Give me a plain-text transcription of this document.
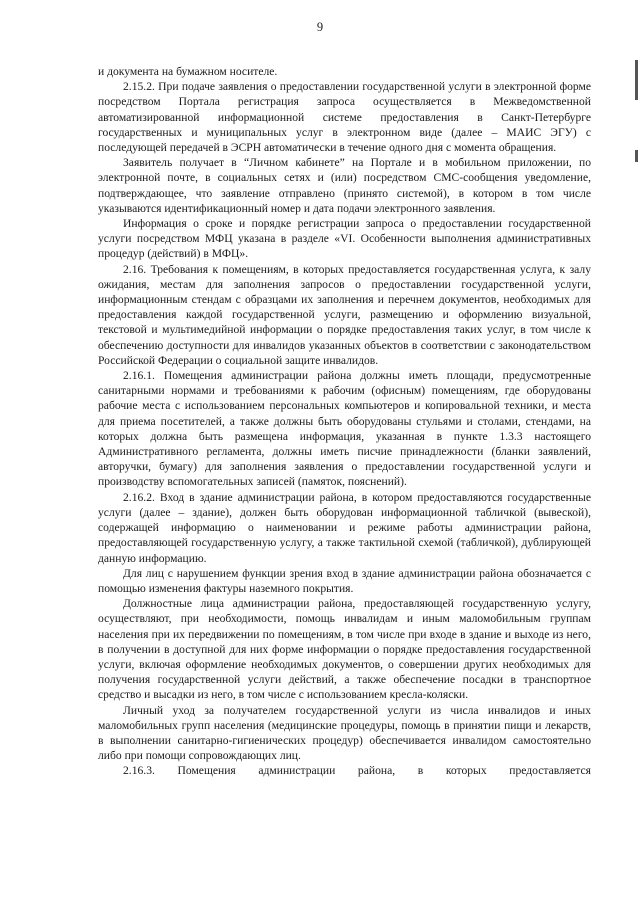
9

и документа на бумажном носителе.

2.15.2. При подаче заявления о предоставлении государственной услуги в электронной форме посредством Портала регистрация запроса осуществляется в Межведомственной автоматизированной информационной системе предоставления в Санкт-Петербурге государственных и муниципальных услуг в электронном виде (далее – МАИС ЭГУ) с последующей передачей в ЭСРН автоматически в течение одного дня с момента обращения.

Заявитель получает в “Личном кабинете” на Портале и в мобильном приложении, по электронной почте, в социальных сетях и (или) посредством СМС-сообщения уведомление, подтверждающее, что заявление отправлено (принято системой), в котором в том числе указываются идентификационный номер и дата подачи электронного заявления.

Информация о сроке и порядке регистрации запроса о предоставлении государственной услуги посредством МФЦ указана в разделе «VI. Особенности выполнения административных процедур (действий) в МФЦ».

2.16. Требования к помещениям, в которых предоставляется государственная услуга, к залу ожидания, местам для заполнения запросов о предоставлении государственной услуги, информационным стендам с образцами их заполнения и перечнем документов, необходимых для предоставления каждой государственной услуги, размещению и оформлению визуальной, текстовой и мультимедийной информации о порядке предоставления таких услуг, в том числе к обеспечению доступности для инвалидов указанных объектов в соответствии с законодательством Российской Федерации о социальной защите инвалидов.

2.16.1. Помещения администрации района должны иметь площади, предусмотренные санитарными нормами и требованиями к рабочим (офисным) помещениям, где оборудованы рабочие места с использованием персональных компьютеров и копировальной техники, и места для приема посетителей, а также должны быть оборудованы стульями и столами, стендами, на которых должна быть размещена информация, указанная в пункте 1.3.3 настоящего Административного регламента, должны иметь писчие принадлежности (бланки заявлений, авторучки, бумагу) для заполнения заявления о предоставлении государственной услуги и производству вспомогательных записей (памяток, пояснений).

2.16.2. Вход в здание администрации района, в котором предоставляются государственные услуги (далее – здание), должен быть оборудован информационной табличкой (вывеской), содержащей информацию о наименовании и режиме работы администрации района, предоставляющей государственную услугу, а также тактильной схемой (табличкой), дублирующей данную информацию.

Для лиц с нарушением функции зрения вход в здание администрации района обозначается с помощью изменения фактуры наземного покрытия.

Должностные лица администрации района, предоставляющей государственную услугу, осуществляют, при необходимости, помощь инвалидам и иным маломобильным группам населения при их передвижении по помещениям, в том числе при входе в здание и выходе из него, в получении в доступной для них форме информации о порядке предоставления государственной услуги, включая оформление необходимых документов, о совершении других необходимых для получения государственной услуги действий, а также обеспечение посадки в транспортное средство и высадки из него, в том числе с использованием кресла-коляски.

Личный уход за получателем государственной услуги из числа инвалидов и иных маломобильных групп населения (медицинские процедуры, помощь в принятии пищи и лекарств, в выполнении санитарно-гигиенических процедур) обеспечивается инвалидом самостоятельно либо при помощи сопровождающих лиц.

2.16.3. Помещения администрации района, в которых предоставляется
